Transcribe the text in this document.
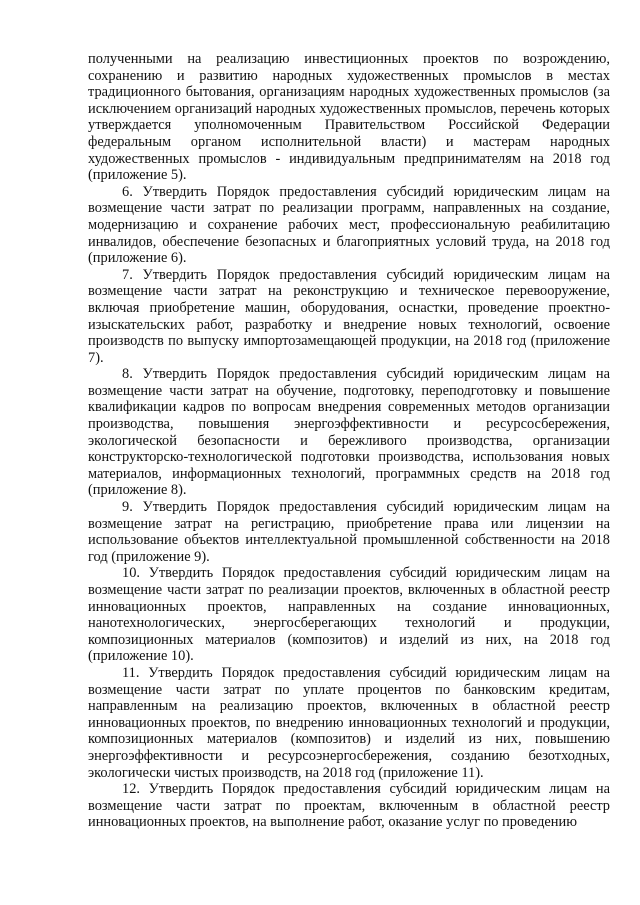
полученными на реализацию инвестиционных проектов по возрождению, сохранению и развитию народных художественных промыслов в местах традиционного бытования, организациям народных художественных промыслов (за исключением организаций народных художественных промыслов, перечень которых утверждается уполномоченным Правительством Российской Федерации федеральным органом исполнительной власти) и мастерам народных художественных промыслов - индивидуальным предпринимателям на 2018 год (приложение 5).

6. Утвердить Порядок предоставления субсидий юридическим лицам на возмещение части затрат по реализации программ, направленных на создание, модернизацию и сохранение рабочих мест, профессиональную реабилитацию инвалидов, обеспечение безопасных и благоприятных условий труда, на 2018 год (приложение 6).

7. Утвердить Порядок предоставления субсидий юридическим лицам на возмещение части затрат на реконструкцию и техническое перевооружение, включая приобретение машин, оборудования, оснастки, проведение проектно-изыскательских работ, разработку и внедрение новых технологий, освоение производств по выпуску импортозамещающей продукции, на 2018 год (приложение 7).

8. Утвердить Порядок предоставления субсидий юридическим лицам на возмещение части затрат на обучение, подготовку, переподготовку и повышение квалификации кадров по вопросам внедрения современных методов организации производства, повышения энергоэффективности и ресурсосбережения, экологической безопасности и бережливого производства, организации конструкторско-технологической подготовки производства, использования новых материалов, информационных технологий, программных средств на 2018 год (приложение 8).

9. Утвердить Порядок предоставления субсидий юридическим лицам на возмещение затрат на регистрацию, приобретение права или лицензии на использование объектов интеллектуальной промышленной собственности на 2018 год (приложение 9).

10. Утвердить Порядок предоставления субсидий юридическим лицам на возмещение части затрат по реализации проектов, включенных в областной реестр инновационных проектов, направленных на создание инновационных, нанотехнологических, энергосберегающих технологий и продукции, композиционных материалов (композитов) и изделий из них, на 2018 год (приложение 10).

11. Утвердить Порядок предоставления субсидий юридическим лицам на возмещение части затрат по уплате процентов по банковским кредитам, направленным на реализацию проектов, включенных в областной реестр инновационных проектов, по внедрению инновационных технологий и продукции, композиционных материалов (композитов) и изделий из них, повышению энергоэффективности и ресурсоэнергосбережения, созданию безотходных, экологически чистых производств, на 2018 год (приложение 11).

12. Утвердить Порядок предоставления субсидий юридическим лицам на возмещение части затрат по проектам, включенным в областной реестр инновационных проектов, на выполнение работ, оказание услуг по проведению
